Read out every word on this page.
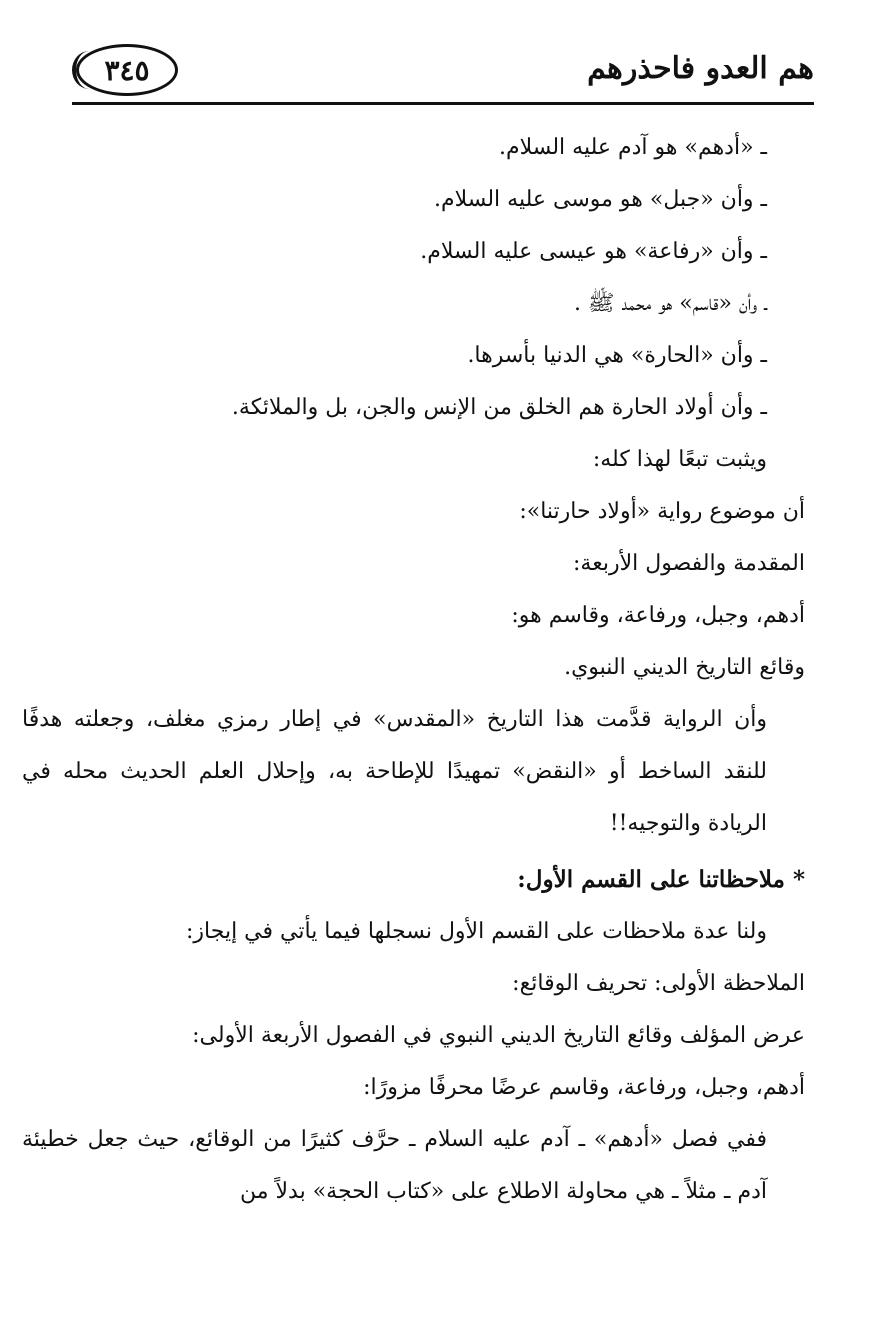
٣٤٥	هم العدو فاحذرهم
ـ «أدهم» هو آدم عليه السلام.
ـ وأن «جبل» هو موسى عليه السلام.
ـ وأن «رفاعة» هو عيسى عليه السلام.
ـ وأن «قاسم» هو محمد ﷺ .
ـ وأن «الحارة» هي الدنيا بأسرها.
ـ وأن أولاد الحارة هم الخلق من الإنس والجن، بل والملائكة.
ويثبت تبعًا لهذا كله:
أن موضوع رواية «أولاد حارتنا»:
المقدمة والفصول الأربعة:
أدهم، وجبل، ورفاعة، وقاسم هو:
وقائع التاريخ الديني النبوي.
وأن الرواية قدَّمت هذا التاريخ «المقدس» في إطار رمزي مغلف، وجعلته هدفًا للنقد الساخط أو «النقض» تمهيدًا للإطاحة به، وإحلال العلم الحديث محله في الريادة والتوجيه!!
* ملاحظاتنا على القسم الأول:
ولنا عدة ملاحظات على القسم الأول نسجلها فيما يأتي في إيجاز:
الملاحظة الأولى: تحريف الوقائع:
عرض المؤلف وقائع التاريخ الديني النبوي في الفصول الأربعة الأولى:
أدهم، وجبل، ورفاعة، وقاسم عرضًا محرفًا مزورًا:
ففي فصل «أدهم» ـ آدم عليه السلام ـ حرَّف كثيرًا من الوقائع، حيث جعل خطيئة آدم ـ مثلاً ـ هي محاولة الاطلاع على «كتاب الحجة» بدلاً من
